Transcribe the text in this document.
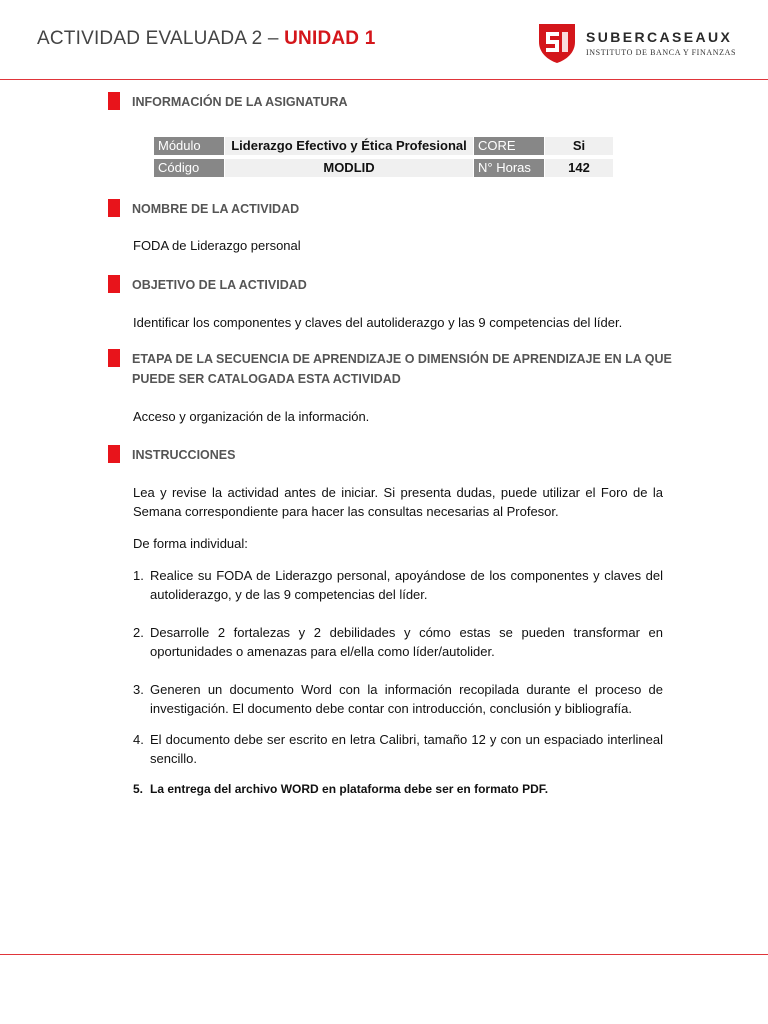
ACTIVIDAD EVALUADA 2 – UNIDAD 1	SUBERCASEAUX
INSTITUTO DE BANCA Y FINANZAS
INFORMACIÓN DE LA ASIGNATURA
Módulo		Liderazgo Efectivo y Ética Profesional		CORE		Si
Código		MODLID		N° Horas		142
NOMBRE DE LA ACTIVIDAD
FODA de Liderazgo personal
OBJETIVO DE LA ACTIVIDAD
Identificar los componentes y claves del autoliderazgo y las 9 competencias del líder.
ETAPA DE LA SECUENCIA DE APRENDIZAJE O DIMENSIÓN DE APRENDIZAJE EN LA QUE PUEDE SER CATALOGADA ESTA ACTIVIDAD
Acceso y organización de la información.
INSTRUCCIONES
Lea y revise la actividad antes de iniciar. Si presenta dudas, puede utilizar el Foro de la Semana correspondiente para hacer las consultas necesarias al Profesor.
De forma individual:
1. Realice su FODA de Liderazgo personal, apoyándose de los componentes y claves del autoliderazgo, y de las 9 competencias del líder.
2. Desarrolle 2 fortalezas y 2 debilidades y cómo estas se pueden transformar en oportunidades o amenazas para el/ella como líder/autolider.
3. Generen un documento Word con la información recopilada durante el proceso de investigación. El documento debe contar con introducción, conclusión y bibliografía.
4. El documento debe ser escrito en letra Calibri, tamaño 12 y con un espaciado interlineal sencillo.
5. La entrega del archivo WORD en plataforma debe ser en formato PDF.
